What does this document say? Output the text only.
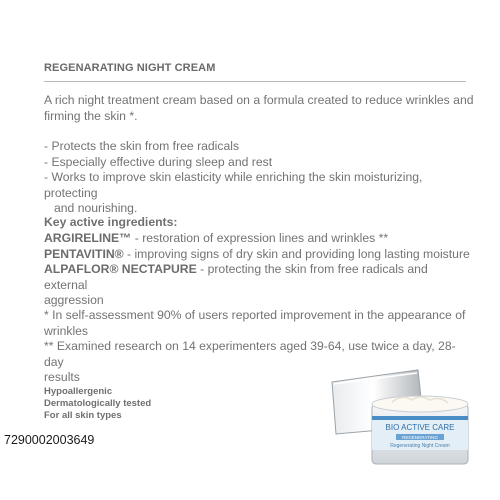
REGENARATING NIGHT CREAM
A rich night treatment cream based on a formula created to reduce wrinkles and
firming the skin *.
- Protects the skin from free radicals
- Especially effective during sleep and rest
- Works to improve skin elasticity while enriching the skin moisturizing, protecting
and nourishing.
Key active ingredients:
ARGIRELINE™ - restoration of expression lines and wrinkles **
PENTAVITIN® - improving signs of dry skin and providing long lasting moisture
ALPAFLOR® NECTAPURE - protecting the skin from free radicals and external
aggression
* In self-assessment 90% of users reported improvement in the appearance of
wrinkles
** Examined research on 14 experimenters aged 39-64, use twice a day, 28-day
results
Hypoallergenic
Dermatologically tested
For all skin types
7290002003649
BIO ACTIVE CARE
REGENERATING
Regenerating Night Cream
